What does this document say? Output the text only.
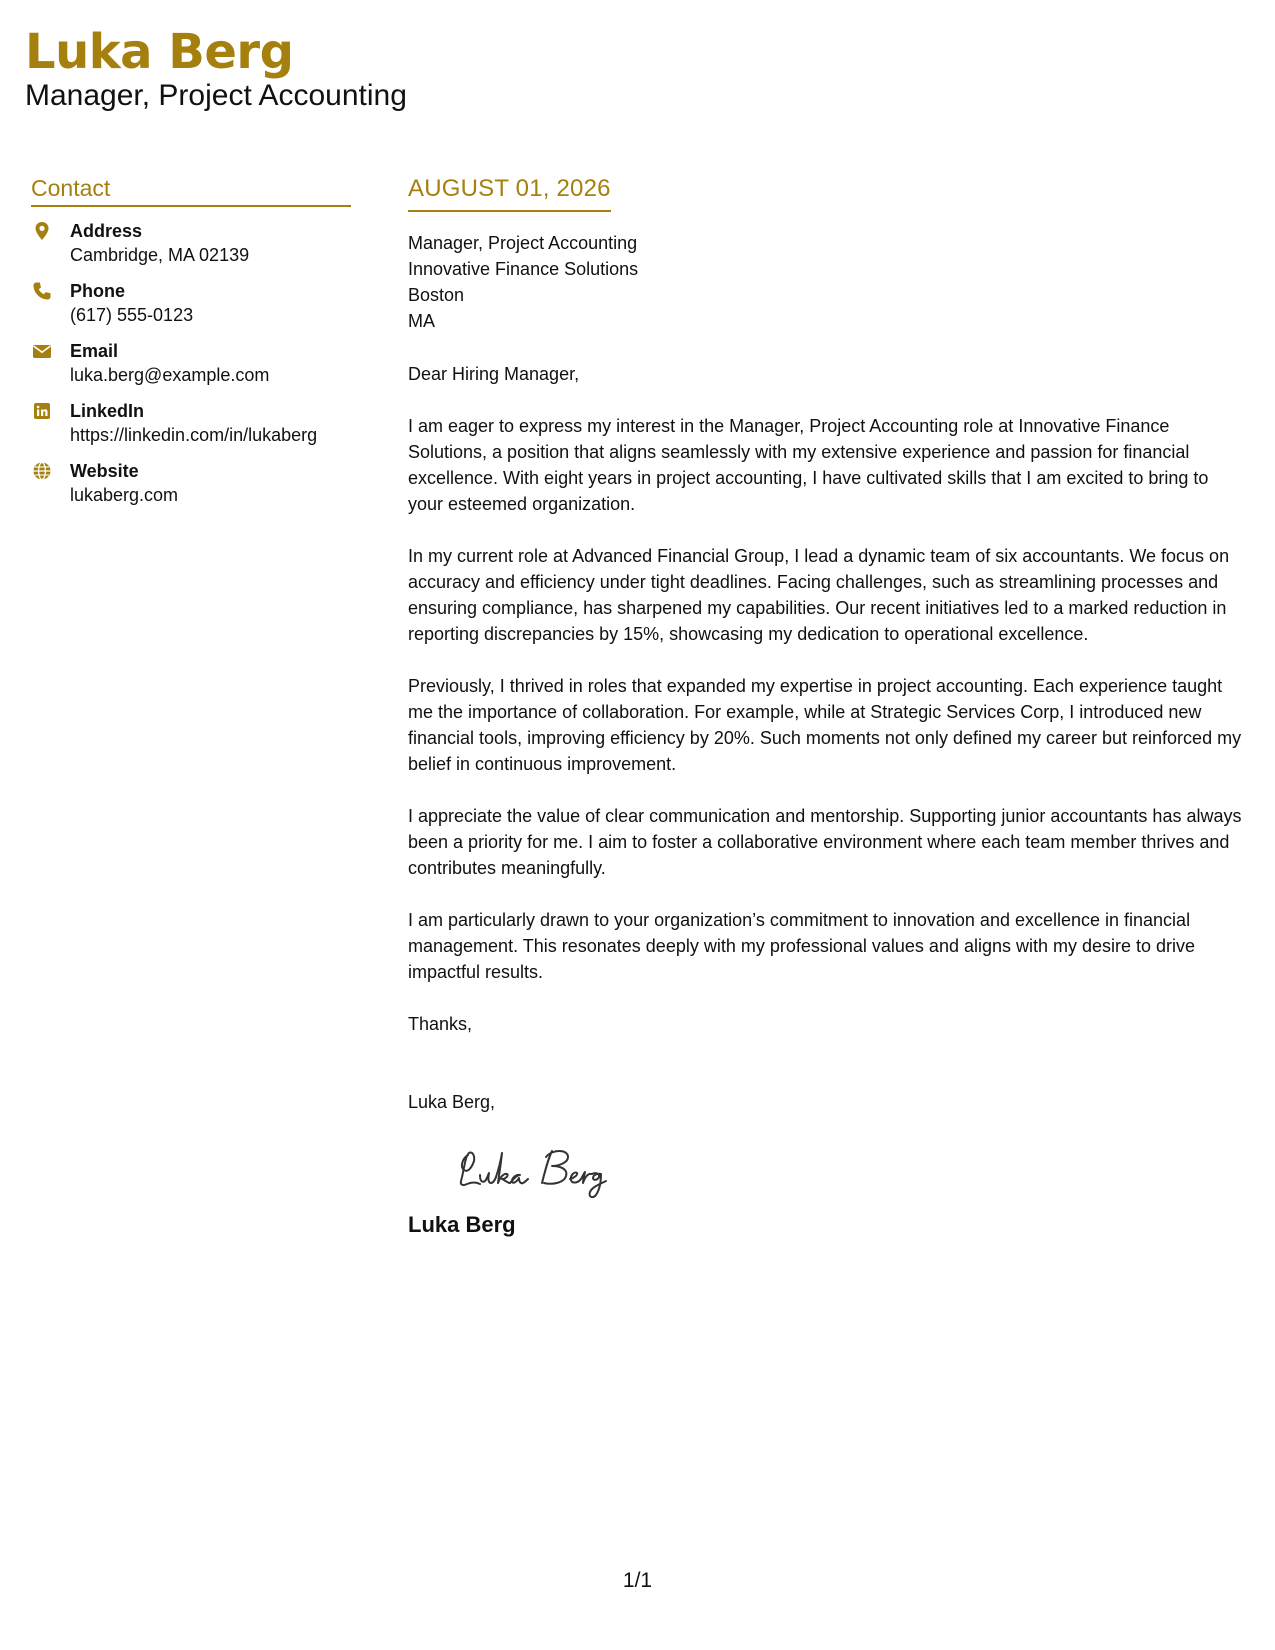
Luka Berg
Manager, Project Accounting
Contact
Address
Cambridge, MA 02139
Phone
(617) 555-0123
Email
luka.berg@example.com
LinkedIn
https://linkedin.com/in/lukaberg
Website
lukaberg.com
AUGUST 01, 2026
Manager, Project Accounting
Innovative Finance Solutions
Boston
MA
Dear Hiring Manager,
I am eager to express my interest in the Manager, Project Accounting role at Innovative Finance Solutions, a position that aligns seamlessly with my extensive experience and passion for financial excellence. With eight years in project accounting, I have cultivated skills that I am excited to bring to your esteemed organization.
In my current role at Advanced Financial Group, I lead a dynamic team of six accountants. We focus on accuracy and efficiency under tight deadlines. Facing challenges, such as streamlining processes and ensuring compliance, has sharpened my capabilities. Our recent initiatives led to a marked reduction in reporting discrepancies by 15%, showcasing my dedication to operational excellence.
Previously, I thrived in roles that expanded my expertise in project accounting. Each experience taught me the importance of collaboration. For example, while at Strategic Services Corp, I introduced new financial tools, improving efficiency by 20%. Such moments not only defined my career but reinforced my belief in continuous improvement.
I appreciate the value of clear communication and mentorship. Supporting junior accountants has always been a priority for me. I aim to foster a collaborative environment where each team member thrives and contributes meaningfully.
I am particularly drawn to your organization’s commitment to innovation and excellence in financial management. This resonates deeply with my professional values and aligns with my desire to drive impactful results.
Thanks,
Luka Berg,
Luka Berg
1/1
